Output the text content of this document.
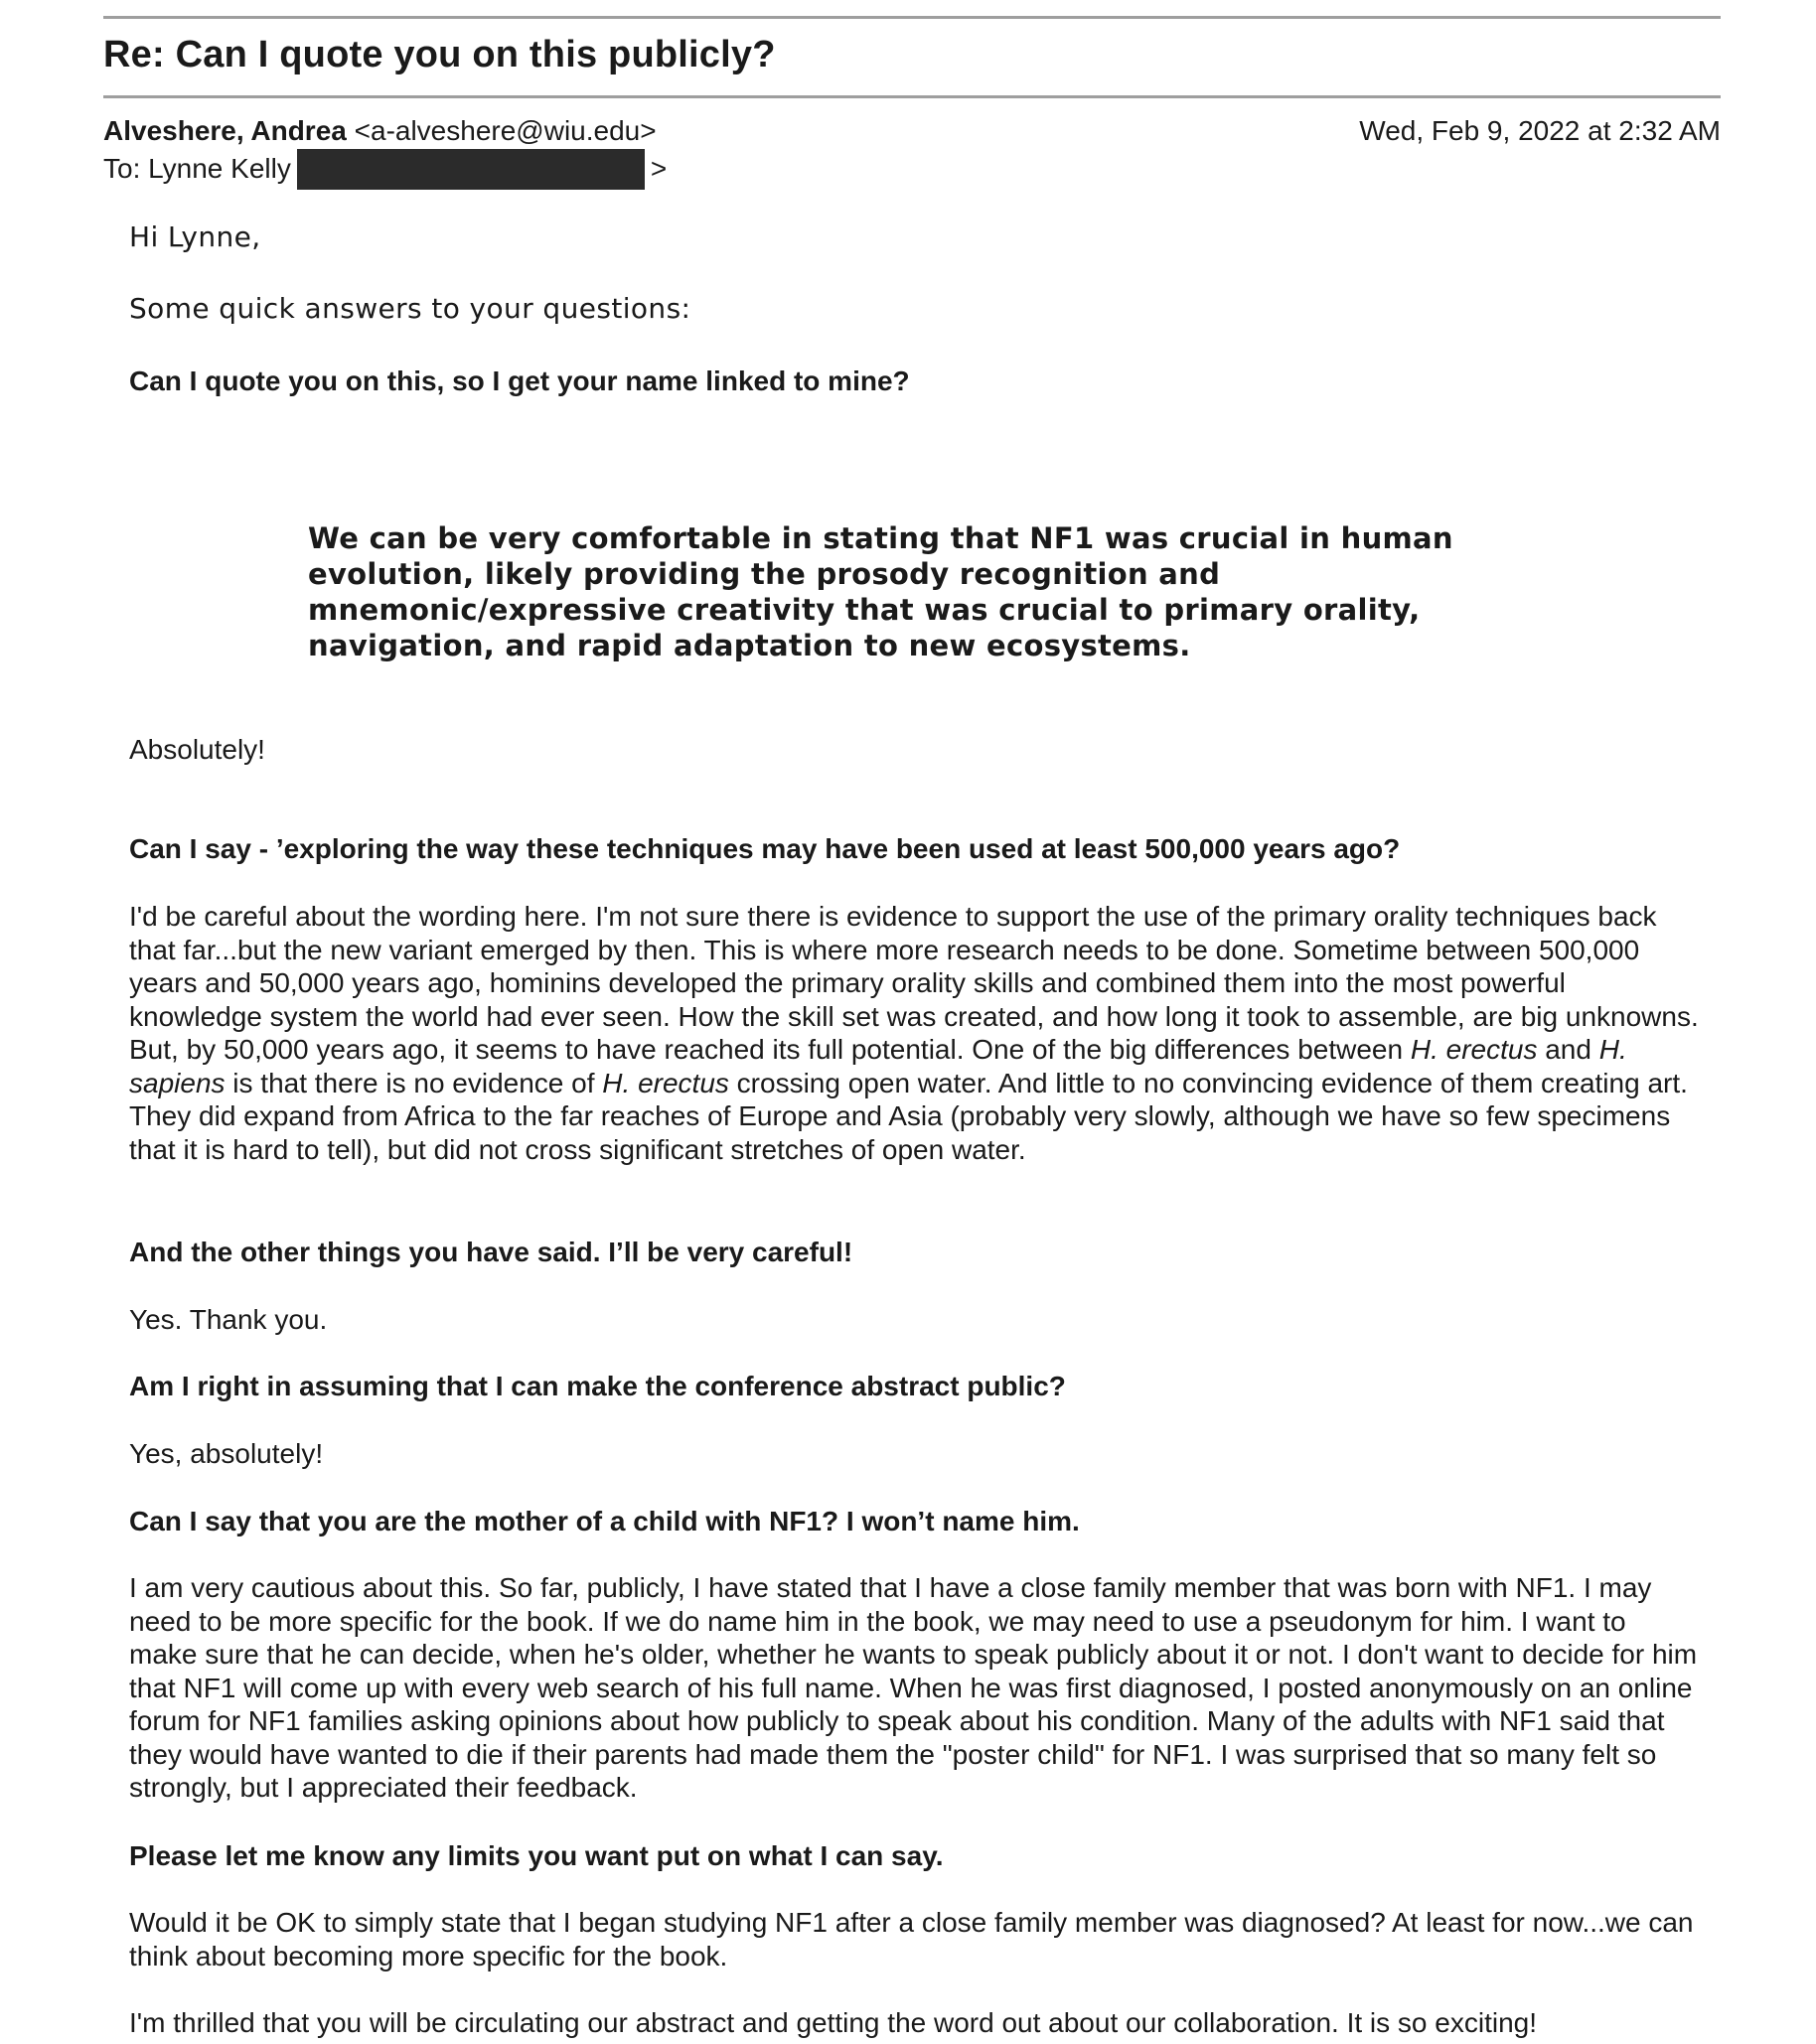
Re: Can I quote you on this publicly?
Alveshere, Andrea <a-alveshere@wiu.edu>	Wed, Feb 9, 2022 at 2:32 AM
To: Lynne Kelly	>

Hi Lynne,

Some quick answers to your questions:

Can I quote you on this, so I get your name linked to mine?

We can be very comfortable in stating that NF1 was crucial in human evolution, likely providing the prosody recognition and mnemonic/expressive creativity that was crucial to primary orality, navigation, and rapid adaptation to new ecosystems.

Absolutely!

Can I say - ’exploring the way these techniques may have been used at least 500,000 years ago?

I'd be careful about the wording here. I'm not sure there is evidence to support the use of the primary orality techniques back that far...but the new variant emerged by then. This is where more research needs to be done. Sometime between 500,000 years and 50,000 years ago, hominins developed the primary orality skills and combined them into the most powerful knowledge system the world had ever seen. How the skill set was created, and how long it took to assemble, are big unknowns. But, by 50,000 years ago, it seems to have reached its full potential. One of the big differences between H. erectus and H. sapiens is that there is no evidence of H. erectus crossing open water. And little to no convincing evidence of them creating art. They did expand from Africa to the far reaches of Europe and Asia (probably very slowly, although we have so few specimens that it is hard to tell), but did not cross significant stretches of open water.

And the other things you have said. I’ll be very careful!

Yes. Thank you.

Am I right in assuming that I can make the conference abstract public?

Yes, absolutely!

Can I say that you are the mother of a child with NF1? I won’t name him.

I am very cautious about this. So far, publicly, I have stated that I have a close family member that was born with NF1. I may need to be more specific for the book. If we do name him in the book, we may need to use a pseudonym for him. I want to make sure that he can decide, when he's older, whether he wants to speak publicly about it or not. I don't want to decide for him that NF1 will come up with every web search of his full name. When he was first diagnosed, I posted anonymously on an online forum for NF1 families asking opinions about how publicly to speak about his condition. Many of the adults with NF1 said that they would have wanted to die if their parents had made them the "poster child" for NF1. I was surprised that so many felt so strongly, but I appreciated their feedback.

Please let me know any limits you want put on what I can say.

Would it be OK to simply state that I began studying NF1 after a close family member was diagnosed? At least for now...we can think about becoming more specific for the book.

I'm thrilled that you will be circulating our abstract and getting the word out about our collaboration. It is so exciting!
